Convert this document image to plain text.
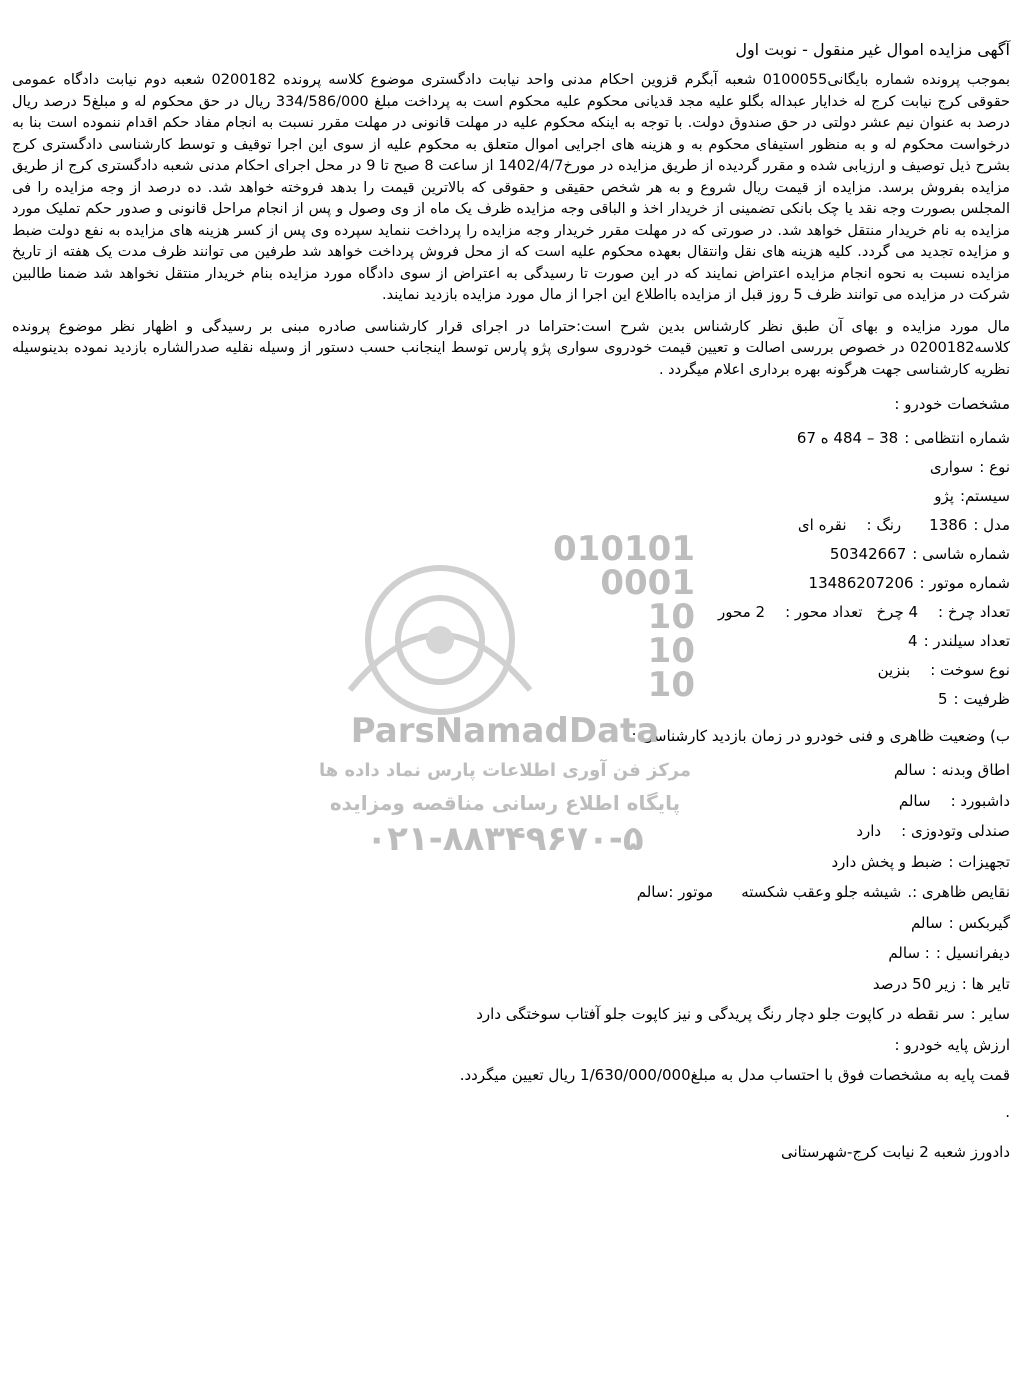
آگهی مزایده اموال غیر منقول - نوبت اول
بموجب پرونده شماره بایگانی0100055 شعبه آبگرم قزوین احکام مدنی واحد نیابت دادگستری موضوع کلاسه پرونده 0200182 شعبه دوم نیابت دادگاه عمومی حقوقی کرج نیابت کرج له خدایار عبداله بگلو علیه مجد قدیانی محکوم علیه محکوم است به پرداخت مبلغ 334/586/000 ریال در حق محکوم له و مبلغ5 درصد ریال درصد به عنوان نیم عشر دولتی در حق صندوق دولت. با توجه به اینکه محکوم علیه در مهلت قانونی در مهلت مقرر نسبت به انجام مفاد حکم اقدام ننموده است بنا به درخواست محکوم له و به منظور استیفای محکوم به و هزینه های اجرایی اموال متعلق به محکوم علیه از سوی این اجرا توقیف و توسط کارشناسی دادگستری کرج بشرح ذیل توصیف و ارزیابی شده و مقرر گردیده از طریق مزایده در مورخ1402/4/7 از ساعت 8 صبح تا 9 در محل اجرای احکام مدنی شعبه دادگستری کرج از طریق مزایده بفروش برسد. مزایده از قیمت ریال شروع و به هر شخص حقیقی و حقوقی که بالاترین قیمت را بدهد فروخته خواهد شد. ده درصد از وجه مزایده را فی المجلس بصورت وجه نقد یا چک بانکی تضمینی از خریدار اخذ و الباقی وجه مزایده ظرف یک ماه از وی وصول و پس از انجام مراحل قانونی و صدور حکم تملیک مورد مزایده به نام خریدار منتقل خواهد شد. در صورتی که در مهلت مقرر خریدار وجه مزایده را پرداخت ننماید سپرده وی پس از کسر هزینه های مزایده به نفع دولت ضبط و مزایده تجدید می گردد. کلیه هزینه های نقل وانتقال بعهده محکوم علیه است که از محل فروش پرداخت خواهد شد طرفین می توانند ظرف مدت یک هفته از تاریخ مزایده نسبت به نحوه انجام مزایده اعتراض نمایند که در این صورت تا رسیدگی به اعتراض از سوی دادگاه مورد مزایده بنام خریدار منتقل نخواهد شد ضمنا طالبین شرکت در مزایده می توانند ظرف 5 روز قبل از مزایده بااطلاع این اجرا از مال مورد مزایده بازدید نمایند.
مال مورد مزایده و بهای آن طبق نظر کارشناس بدین شرح است:حتراما در اجرای قرار کارشناسی صادره مبنی بر رسیدگی و اظهار نظر موضوع پرونده کلاسه0200182 در خصوص بررسی اصالت و تعیین قیمت خودروی سواری پژو پارس توسط اینجانب حسب دستور از وسیله نقلیه صدرالشاره بازدید نموده بدینوسیله نظریه کارشناسی جهت هرگونه بهره برداری اعلام میگردد .
مشخصات خودرو :
شماره انتظامی :
38 – 484 ه 67
نوع :
سواری
سیستم:
پژو
مدل :
1386
رنگ :
نقره ای
شماره شاسی :
50342667
شماره موتور :
13486207206
تعداد چرخ :
4 چرخ
تعداد محور :
2 محور
تعداد سیلندر :
4
نوع سوخت :
بنزین
ظرفیت :
5
ب) وضعیت ظاهری و فنی خودرو در زمان بازدید کارشناسی :
اطاق وبدنه :
سالم
داشبورد :
سالم
صندلی وتودوزی :
دارد
تجهیزات :
ضبط و پخش دارد
نقایص ظاهری :.
شیشه جلو وعقب شکسته
موتور :سالم
گیربکس :
سالم
دیفرانسیل :
: سالم
تایر ها :
زیر 50 درصد
سایر :
سر نقطه در کاپوت جلو دچار رنگ پریدگی و نیز کاپوت جلو آفتاب سوختگی دارد
ارزش پایه خودرو :
قمت پایه به مشخصات فوق با احتساب مدل به مبلغ1/630/000/000 ریال تعیین میگردد.
.
دادورز شعبه 2 نیابت کرج-شهرستانی
010101
0001
10
10
10
ParsNamadData
مرکز فن آوری اطلاعات پارس نماد داده ها
پایگاه اطلاع رسانی مناقصه ومزایده
۰۲۱-۸۸۳۴۹۶۷۰-۵
